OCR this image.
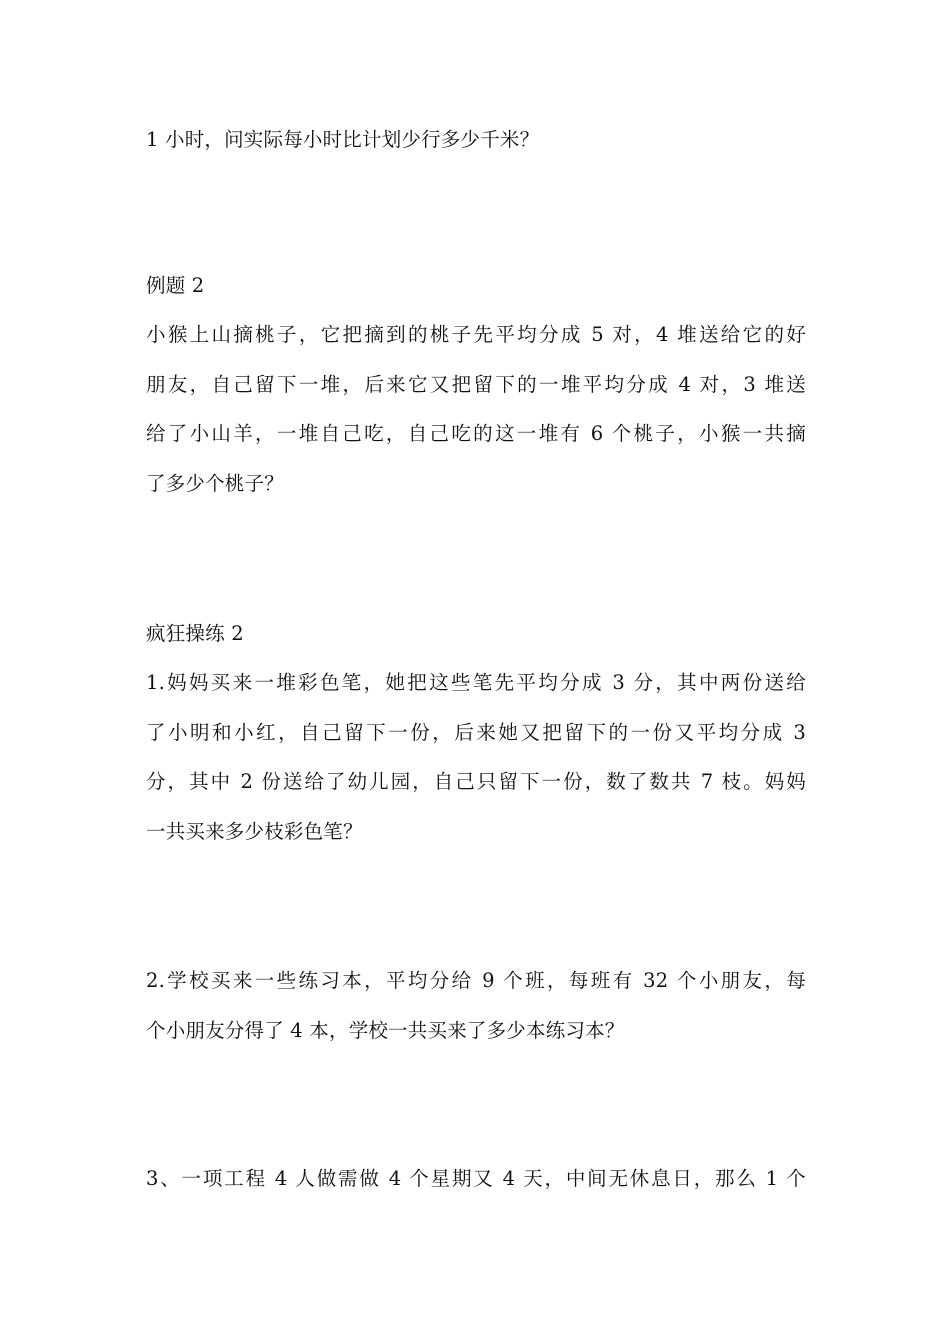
1 小时，问实际每小时比计划少行多少千米？
例题 2
小猴上山摘桃子，它把摘到的桃子先平均分成 5 对，4 堆送给它的好
朋友，自己留下一堆，后来它又把留下的一堆平均分成 4 对，3 堆送
给了小山羊，一堆自己吃，自己吃的这一堆有 6 个桃子，小猴一共摘
了多少个桃子？
疯狂操练 2
1.妈妈买来一堆彩色笔，她把这些笔先平均分成 3 分，其中两份送给
了小明和小红，自己留下一份，后来她又把留下的一份又平均分成 3
分，其中 2 份送给了幼儿园，自己只留下一份，数了数共 7 枝。妈妈
一共买来多少枝彩色笔？
2.学校买来一些练习本，平均分给 9 个班，每班有 32 个小朋友，每
个小朋友分得了 4 本，学校一共买来了多少本练习本？
3、一项工程 4 人做需做 4 个星期又 4 天，中间无休息日，那么 1 个
